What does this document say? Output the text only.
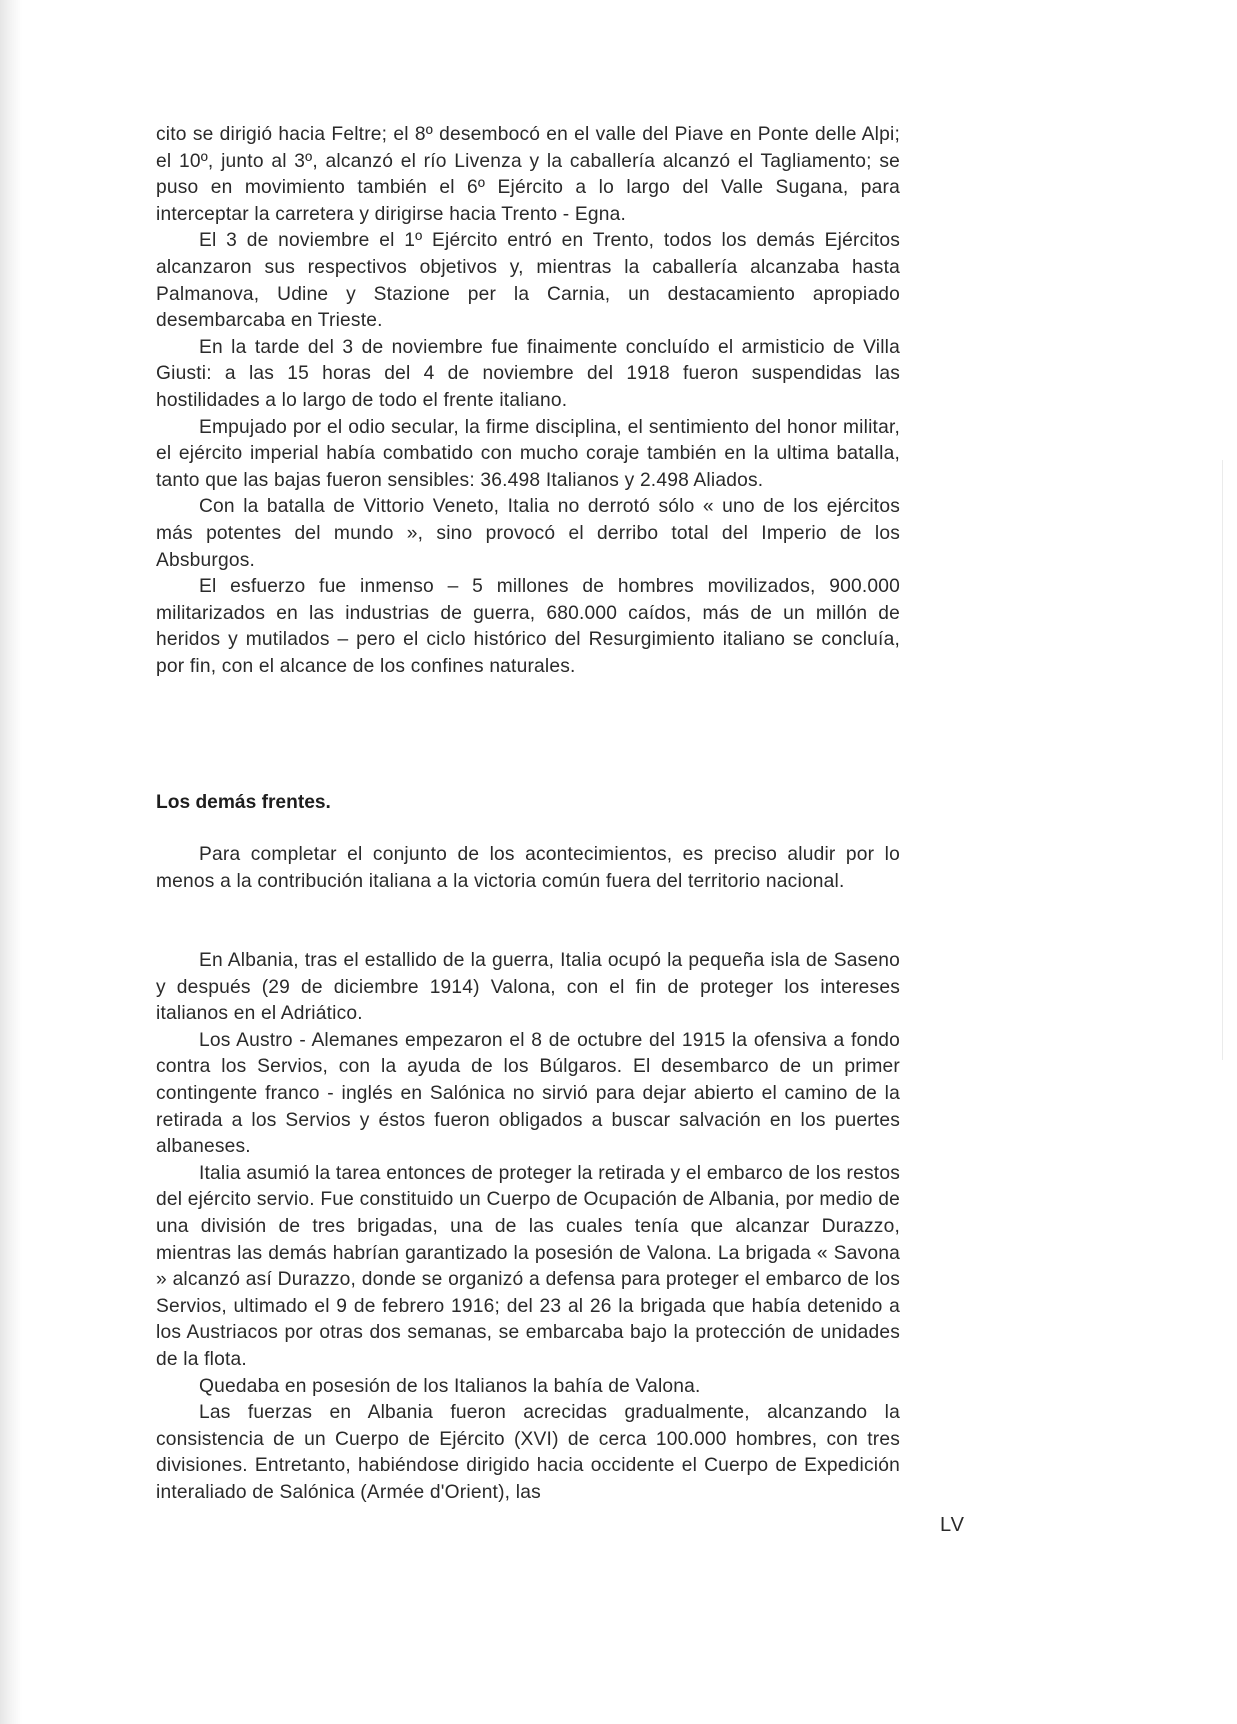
cito se dirigió hacia Feltre; el 8º desembocó en el valle del Piave en Ponte delle Alpi; el 10º, junto al 3º, alcanzó el río Livenza y la caballería alcanzó el Tagliamento; se puso en movimiento también el 6º Ejército a lo largo del Valle Sugana, para interceptar la carretera y dirigirse hacia Trento - Egna.

El 3 de noviembre el 1º Ejército entró en Trento, todos los demás Ejércitos alcanzaron sus respectivos objetivos y, mientras la caballería alcanzaba hasta Palmanova, Udine y Stazione per la Carnia, un destacamiento apropiado desembarcaba en Trieste.

En la tarde del 3 de noviembre fue finaimente concluído el armisticio de Villa Giusti: a las 15 horas del 4 de noviembre del 1918 fueron suspendidas las hostilidades a lo largo de todo el frente italiano.

Empujado por el odio secular, la firme disciplina, el sentimiento del honor militar, el ejército imperial había combatido con mucho coraje también en la ultima batalla, tanto que las bajas fueron sensibles: 36.498 Italianos y 2.498 Aliados.

Con la batalla de Vittorio Veneto, Italia no derrotó sólo « uno de los ejércitos más potentes del mundo », sino provocó el derribo total del Imperio de los Absburgos.

El esfuerzo fue inmenso – 5 millones de hombres movilizados, 900.000 militarizados en las industrias de guerra, 680.000 caídos, más de un millón de heridos y mutilados – pero el ciclo histórico del Resurgimiento italiano se concluía, por fin, con el alcance de los confines naturales.

Los demás frentes.

Para completar el conjunto de los acontecimientos, es preciso aludir por lo menos a la contribución italiana a la victoria común fuera del territorio nacional.

En Albania, tras el estallido de la guerra, Italia ocupó la pequeña isla de Saseno y después (29 de diciembre 1914) Valona, con el fin de proteger los intereses italianos en el Adriático.

Los Austro - Alemanes empezaron el 8 de octubre del 1915 la ofensiva a fondo contra los Servios, con la ayuda de los Búlgaros. El desembarco de un primer contingente franco - inglés en Salónica no sirvió para dejar abierto el camino de la retirada a los Servios y éstos fueron obligados a buscar salvación en los puertes albaneses.

Italia asumió la tarea entonces de proteger la retirada y el embarco de los restos del ejército servio. Fue constituido un Cuerpo de Ocupación de Albania, por medio de una división de tres brigadas, una de las cuales tenía que alcanzar Durazzo, mientras las demás habrían garantizado la posesión de Valona. La brigada « Savona » alcanzó así Durazzo, donde se organizó a defensa para proteger el embarco de los Servios, ultimado el 9 de febrero 1916; del 23 al 26 la brigada que había detenido a los Austriacos por otras dos semanas, se embarcaba bajo la protección de unidades de la flota.

Quedaba en posesión de los Italianos la bahía de Valona.

Las fuerzas en Albania fueron acrecidas gradualmente, alcanzando la consistencia de un Cuerpo de Ejército (XVI) de cerca 100.000 hombres, con tres divisiones. Entretanto, habiéndose dirigido hacia occidente el Cuerpo de Expedición interaliado de Salónica (Armée d'Orient), las

LV
